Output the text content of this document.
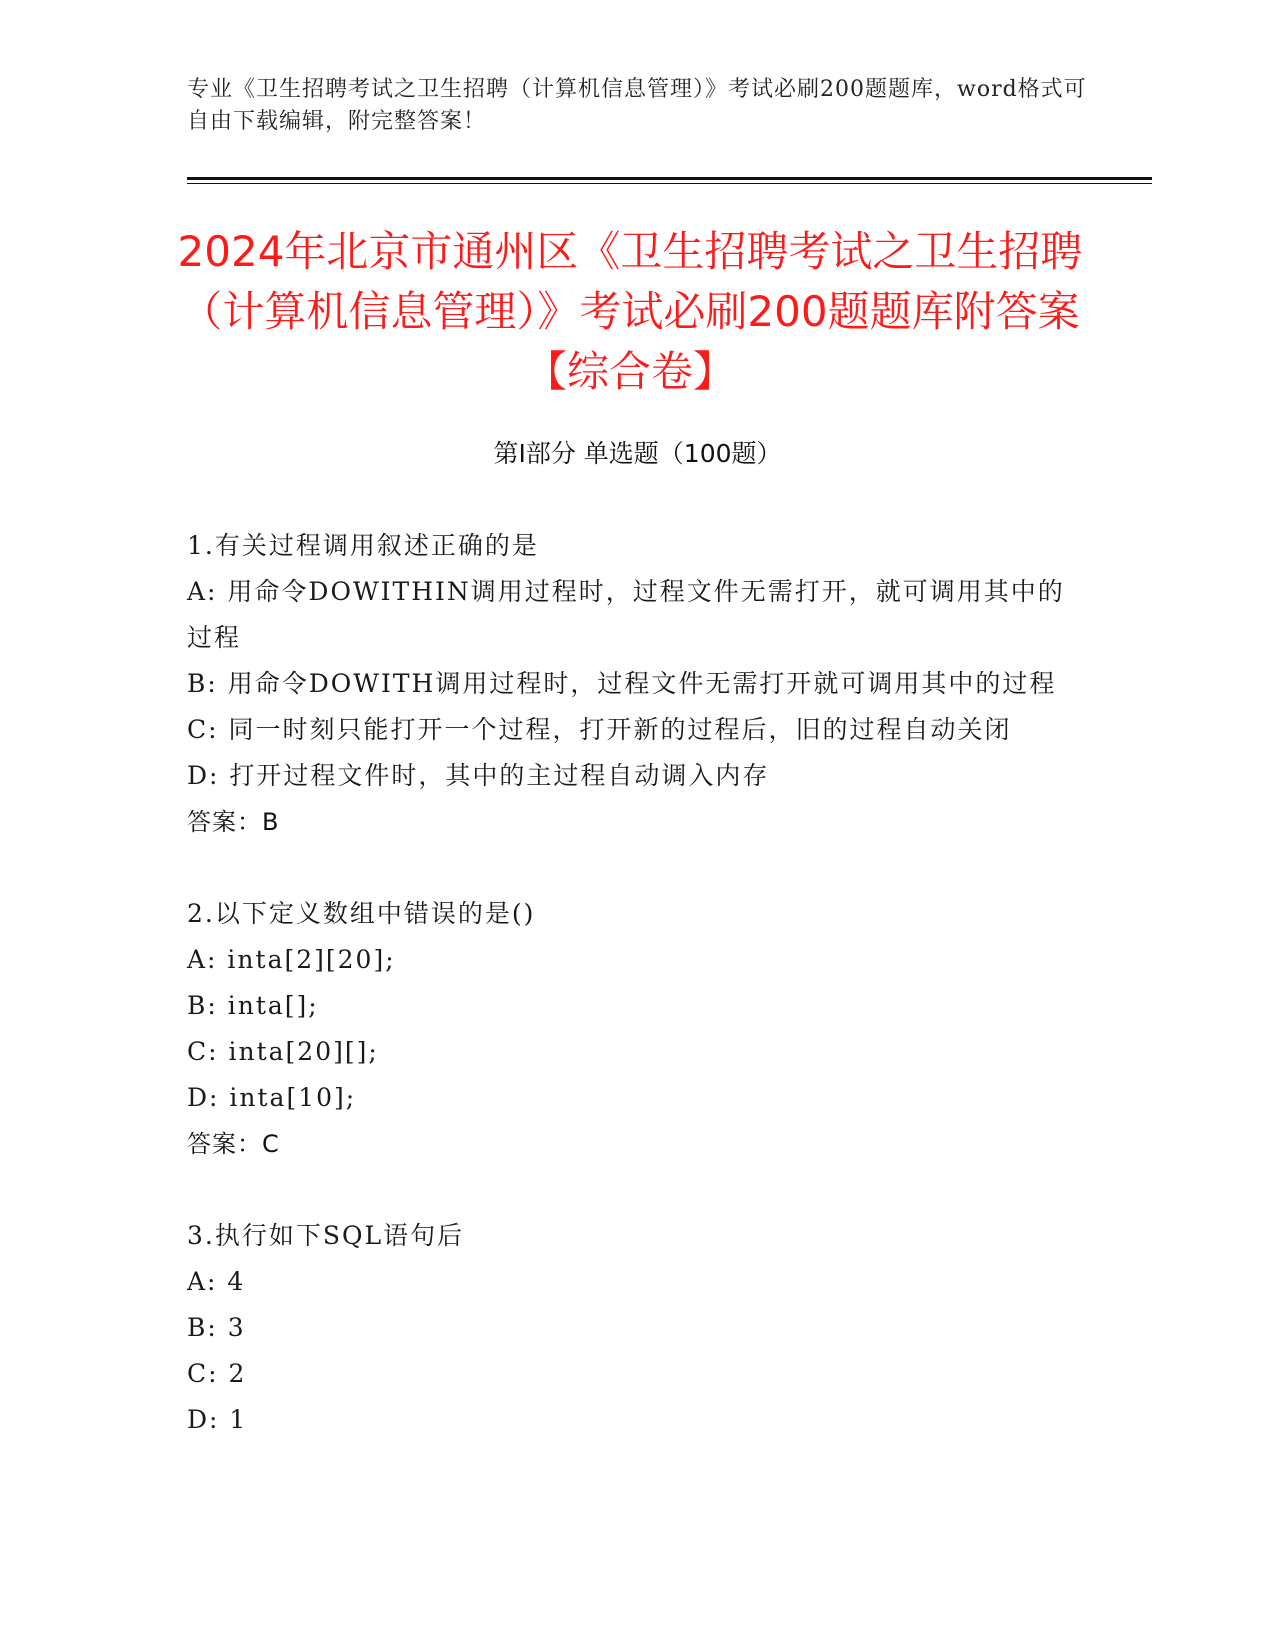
专业《卫生招聘考试之卫生招聘（计算机信息管理）》考试必刷200题题库，word格式可自由下载编辑，附完整答案！
2024年北京市通州区《卫生招聘考试之卫生招聘（计算机信息管理）》考试必刷200题题库附答案【综合卷】
第I部分 单选题（100题）
1.有关过程调用叙述正确的是
A: 用命令DOWITHIN调用过程时，过程文件无需打开，就可调用其中的过程
B: 用命令DOWITH调用过程时，过程文件无需打开就可调用其中的过程
C: 同一时刻只能打开一个过程，打开新的过程后，旧的过程自动关闭
D: 打开过程文件时，其中的主过程自动调入内存
答案：B
2.以下定义数组中错误的是()
A: inta[2][20];
B: inta[];
C: inta[20][];
D: inta[10];
答案：C
3.执行如下SQL语句后
A: 4
B: 3
C: 2
D: 1
